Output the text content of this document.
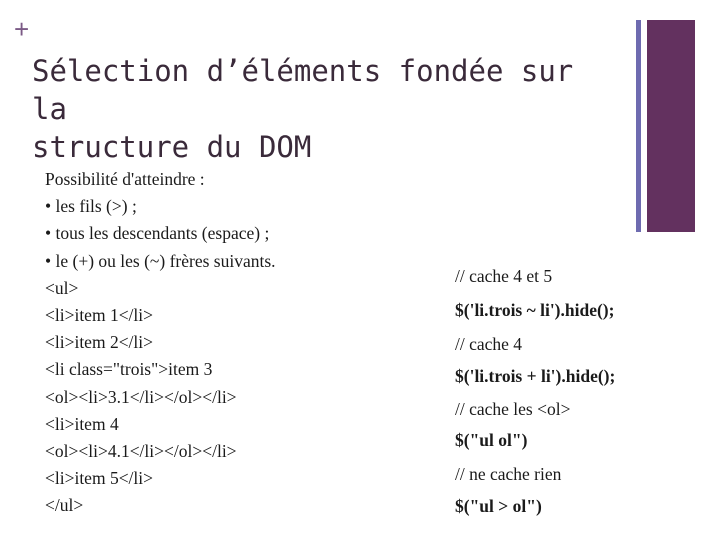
+
Sélection d’éléments fondée sur la
structure du DOM
Possibilité d'atteindre :
• les fils (>) ;
• tous les descendants (espace) ;
• le (+) ou les (~) frères suivants.
<ul>
<li>item 1</li>
<li>item 2</li>
<li class="trois">item 3
<ol><li>3.1</li></ol></li>
<li>item 4
<ol><li>4.1</li></ol></li>
<li>item 5</li>
</ul>
// cache 4 et 5
$('li.trois ~ li').hide();
// cache 4
$('li.trois + li').hide();
// cache les <ol>
$("ul ol")
// ne cache rien
$("ul > ol")
